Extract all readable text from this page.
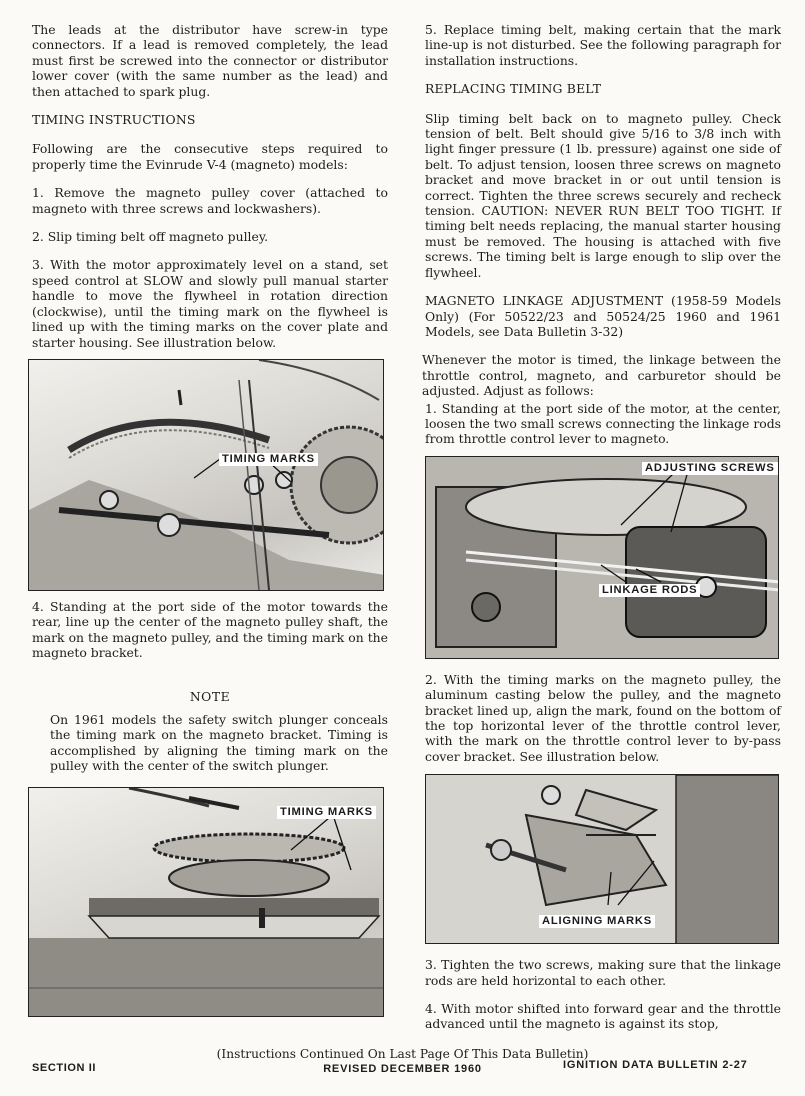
The leads at the distributor have screw-in type connectors. If a lead is removed completely, the lead must first be screwed into the connector or distributor lower cover (with the same number as the lead) and then attached to spark plug.

TIMING INSTRUCTIONS

Following are the consecutive steps required to properly time the Evinrude V-4 (magneto) models:

1. Remove the magneto pulley cover (attached to magneto with three screws and lockwashers).

2. Slip timing belt off magneto pulley.

3. With the motor approximately level on a stand, set speed control at SLOW and slowly pull manual starter handle to move the flywheel in rotation direction (clockwise), until the timing mark on the flywheel is lined up with the timing marks on the cover plate and starter housing. See illustration below.

TIMING MARKS

4. Standing at the port side of the motor towards the rear, line up the center of the magneto pulley shaft, the mark on the magneto pulley, and the timing mark on the magneto bracket.

NOTE

On 1961 models the safety switch plunger conceals the timing mark on the magneto bracket. Timing is accomplished by aligning the timing mark on the pulley with the center of the switch plunger.

TIMING MARKS

5. Replace timing belt, making certain that the mark line-up is not disturbed. See the following paragraph for installation instructions.

REPLACING TIMING BELT

Slip timing belt back on to magneto pulley. Check tension of belt. Belt should give 5/16 to 3/8 inch with light finger pressure (1 lb. pressure) against one side of belt. To adjust tension, loosen three screws on magneto bracket and move bracket in or out until tension is correct. Tighten the three screws securely and recheck tension. CAUTION: NEVER RUN BELT TOO TIGHT. If timing belt needs replacing, the manual starter housing must be removed. The housing is attached with five screws. The timing belt is large enough to slip over the flywheel.

MAGNETO LINKAGE ADJUSTMENT (1958-59 Models Only) (For 50522/23 and 50524/25 1960 and 1961 Models, see Data Bulletin 3-32)

Whenever the motor is timed, the linkage between the throttle control, magneto, and carburetor should be adjusted. Adjust as follows:

1. Standing at the port side of the motor, at the center, loosen the two small screws connecting the linkage rods from throttle control lever to magneto.

ADJUSTING SCREWS
LINKAGE RODS

2. With the timing marks on the magneto pulley, the aluminum casting below the pulley, and the magneto bracket lined up, align the mark, found on the bottom of the top horizontal lever of the throttle control lever, with the mark on the throttle control lever to by-pass cover bracket. See illustration below.

ALIGNING MARKS

3. Tighten the two screws, making sure that the linkage rods are held horizontal to each other.

4. With motor shifted into forward gear and the throttle advanced until the magneto is against its stop,

SECTION II
(Instructions Continued On Last Page Of This Data Bulletin)
REVISED DECEMBER 1960	IGNITION DATA BULLETIN 2-27
